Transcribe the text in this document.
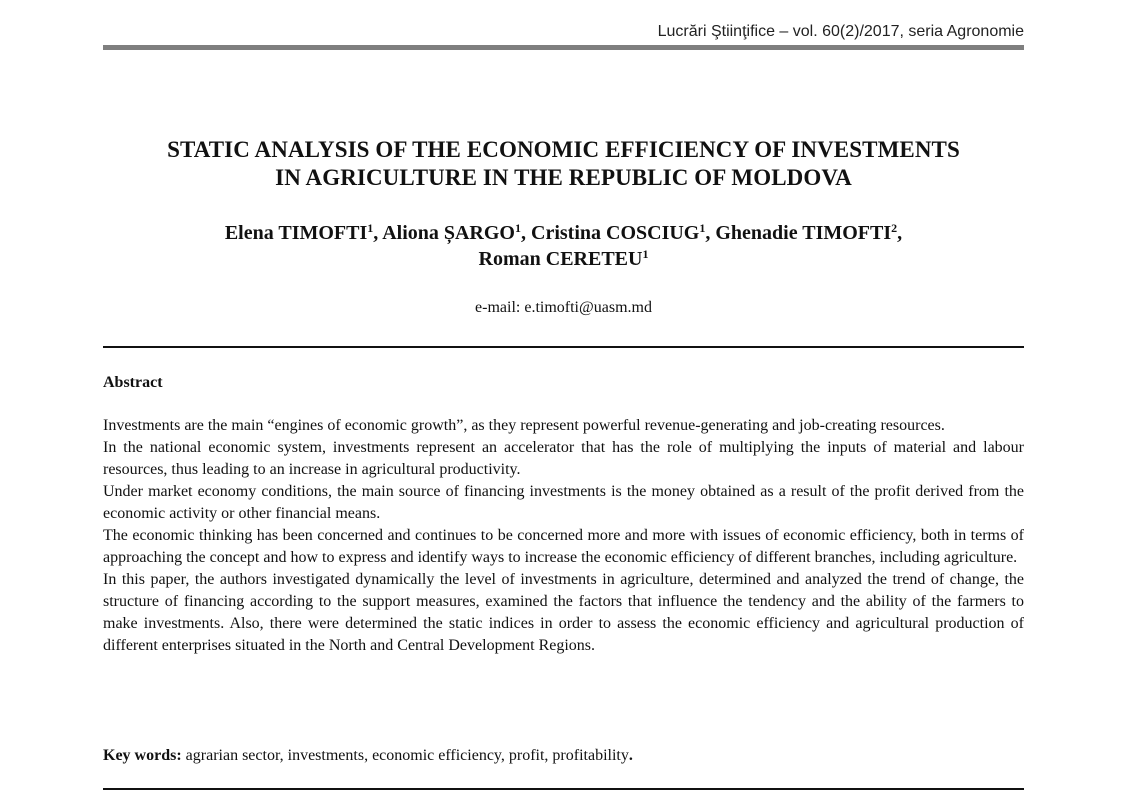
Lucrări Ştiinţifice – vol. 60(2)/2017, seria Agronomie
STATIC ANALYSIS OF THE ECONOMIC EFFICIENCY OF INVESTMENTS
IN AGRICULTURE IN THE REPUBLIC OF MOLDOVA
Elena TIMOFTI$^1$, Aliona ȘARGO$^1$, Cristina COSCIUG$^1$, Ghenadie TIMOFTI$^2$,
Roman CERETEU$^1$
e-mail: e.timofti@uasm.md
Abstract

Investments are the main “engines of economic growth”, as they represent powerful revenue-generating and job-creating resources.

In the national economic system, investments represent an accelerator that has the role of multiplying the inputs of material and labour resources, thus leading to an increase in agricultural productivity.

Under market economy conditions, the main source of financing investments is the money obtained as a result of the profit derived from the economic activity or other financial means.

The economic thinking has been concerned and continues to be concerned more and more with issues of economic efficiency, both in terms of approaching the concept and how to express and identify ways to increase the economic efficiency of different branches, including agriculture.

In this paper, the authors investigated dynamically the level of investments in agriculture, determined and analyzed the trend of change, the structure of financing according to the support measures, examined the factors that influence the tendency and the ability of the farmers to make investments. Also, there were determined the static indices in order to assess the economic efficiency and agricultural production of different enterprises situated in the North and Central Development Regions.

Key words: agrarian sector, investments, economic efficiency, profit, profitability.
